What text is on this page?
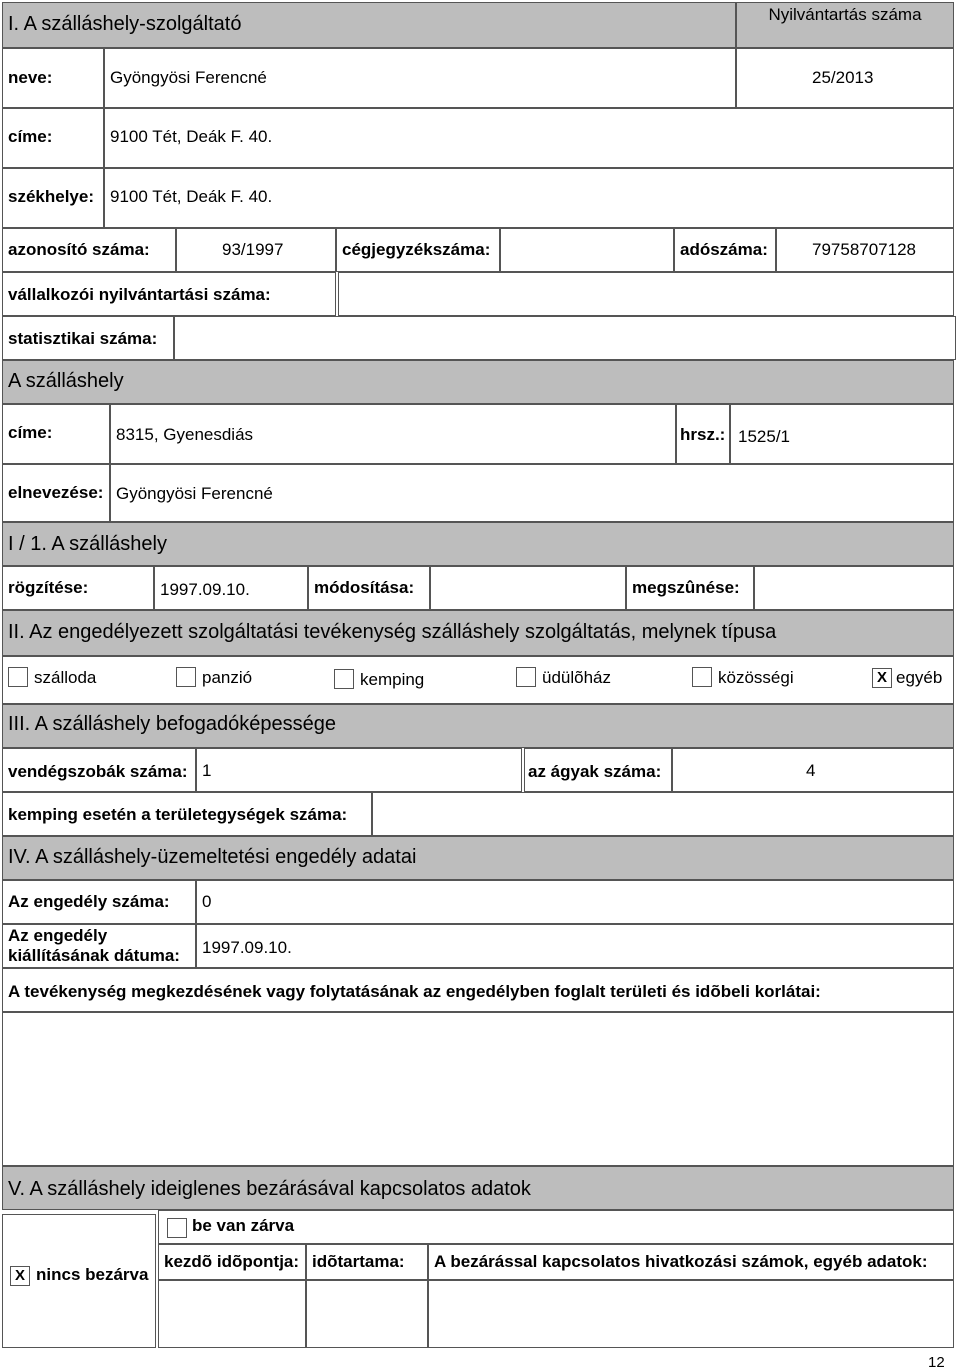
I. A szálláshely-szolgáltató	Nyilvántartás száma
neve:	Gyöngyösi Ferencné	25/2013
címe:	9100 Tét, Deák F. 40.
székhelye: 9100 Tét, Deák F. 40.
azonosító száma:	93/1997	cégjegyzékszáma:	adószáma:	79758707128
vállalkozói nyilvántartási száma:
statisztikai száma:
A szálláshely
címe:	8315, Gyenesdiás	hrsz.: 1525/1
elnevezése: Gyöngyösi Ferencné
I / 1. A szálláshely
rögzítése:	1997.09.10.	módosítása:	megszûnése:
II. Az engedélyezett szolgáltatási tevékenység szálláshely szolgáltatás, melynek típusa
szálloda	panzió	kemping	üdülõház	közösségi	X egyéb
III. A szálláshely befogadóképessége
vendégszobák száma: 1	az ágyak száma:	4
kemping esetén a területegységek száma:
IV. A szálláshely-üzemeltetési engedély adatai
Az engedély száma: 0
Az engedély
kiállításának dátuma: 1997.09.10.
A tevékenység megkezdésének vagy folytatásának az engedélyben foglalt területi és idõbeli korlátai:
V. A szálláshely ideiglenes bezárásával kapcsolatos adatok
X nincs bezárva
be van zárva
kezdõ idõpontja: idõtartama: A bezárással kapcsolatos hivatkozási számok, egyéb adatok:
12
